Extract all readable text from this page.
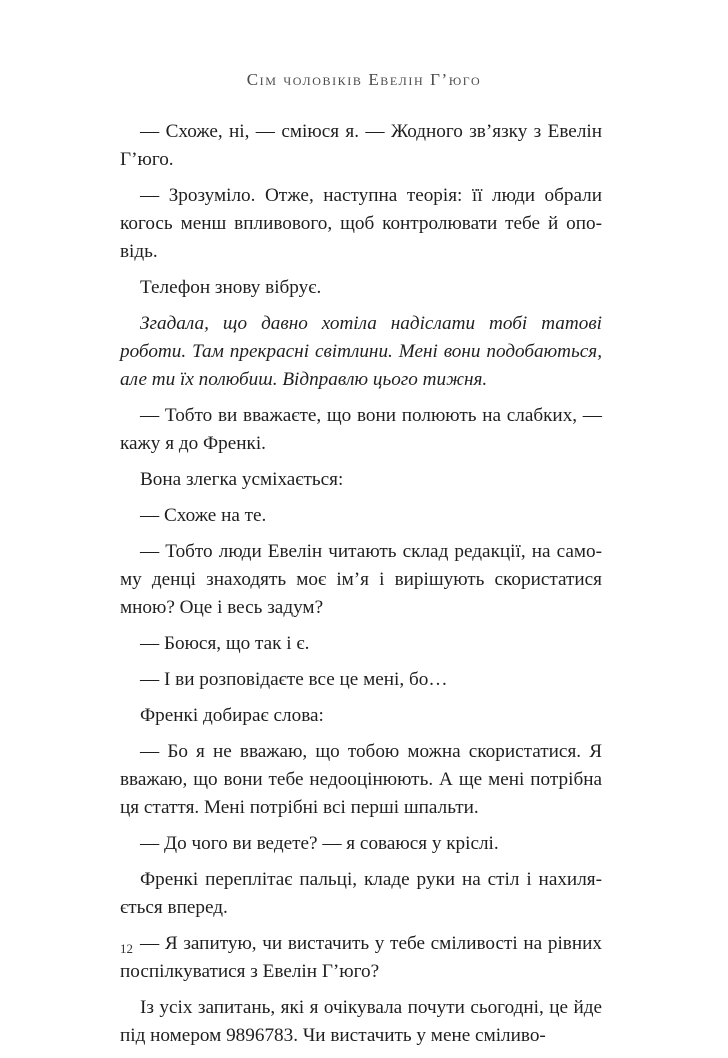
Сім чоловіків Евелін Г’юго

— Схоже, ні, — сміюся я. — Жодного зв’язку з Евелін Г’юго.

— Зрозуміло. Отже, наступна теорія: її люди обрали когось менш впливового, щоб контролювати тебе й оповідь.

Телефон знову вібрує.

Згадала, що давно хотіла надіслати тобі татові роботи. Там прекрасні світлини. Мені вони подобаються, але ти їх полюбиш. Відправлю цього тижня.

— Тобто ви вважаєте, що вони полюють на слабких, — кажу я до Френкі.

Вона злегка усміхається:

— Схоже на те.

— Тобто люди Евелін читають склад редакції, на самому денці знаходять моє ім’я і вирішують скористатися мною? Оце і весь задум?

— Боюся, що так і є.

— І ви розповідаєте все це мені, бо…

Френкі добирає слова:

— Бо я не вважаю, що тобою можна скористатися. Я вважаю, що вони тебе недооцінюють. А ще мені потрібна ця стаття. Мені потрібні всі перші шпальти.

— До чого ви ведете? — я соваюся у кріслі.

Френкі переплітає пальці, кладе руки на стіл і нахиляється вперед.

— Я запитую, чи вистачить у тебе сміливості на рівних поспілкуватися з Евелін Г’юго?

Із усіх запитань, які я очікувала почути сьогодні, це йде під номером 9896783. Чи вистачить у мене сміливо-

12
